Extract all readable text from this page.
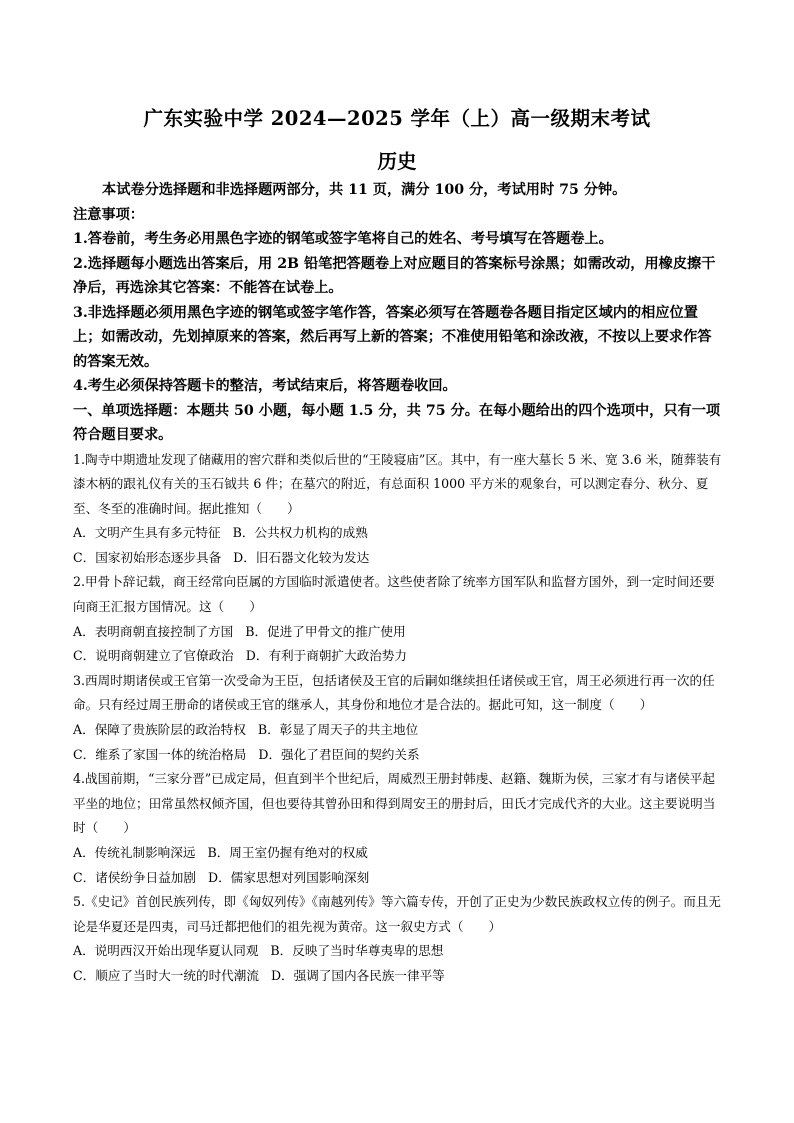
广东实验中学 2024—2025 学年（上）高一级期末考试
历史

本试卷分选择题和非选择题两部分，共 11 页，满分 100 分，考试用时 75 分钟。

注意事项：

1.答卷前，考生务必用黑色字迹的钢笔或签字笔将自己的姓名、考号填写在答题卷上。

2.选择题每小题选出答案后，用 2B 铅笔把答题卷上对应题目的答案标号涂黑；如需改动，用橡皮擦干净后，再选涂其它答案：不能答在试卷上。

3.非选择题必须用黑色字迹的钢笔或签字笔作答，答案必须写在答题卷各题目指定区域内的相应位置上；如需改动，先划掉原来的答案，然后再写上新的答案；不准使用铅笔和涂改液，不按以上要求作答的答案无效。

4.考生必须保持答题卡的整洁，考试结束后，将答题卷收回。

一、单项选择题：本题共 50 小题，每小题 1.5 分，共 75 分。在每小题给出的四个选项中，只有一项符合题目要求。

1.陶寺中期遗址发现了储藏用的窖穴群和类似后世的“王陵寝庙”区。其中，有一座大墓长 5 米、宽 3.6 米，随葬装有漆木柄的跟礼仪有关的玉石钺共 6 件；在墓穴的附近，有总面积 1000 平方米的观象台，可以测定春分、秋分、夏至、冬至的准确时间。据此推知（　　）

A．文明产生具有多元特征 B．公共权力机构的成熟
C．国家初始形态逐步具备 D．旧石器文化较为发达

2.甲骨卜辞记载，商王经常向臣属的方国临时派遣使者。这些使者除了统率方国军队和监督方国外，到一定时间还要向商王汇报方国情况。这（　　）

A．表明商朝直接控制了方国 B．促进了甲骨文的推广使用
C．说明商朝建立了官僚政治 D．有利于商朝扩大政治势力

3.西周时期诸侯或王官第一次受命为王臣，包括诸侯及王官的后嗣如继续担任诸侯或王官，周王必须进行再一次的任命。只有经过周王册命的诸侯或王官的继承人，其身份和地位才是合法的。据此可知，这一制度（　　）

A．保障了贵族阶层的政治特权 B．彰显了周天子的共主地位
C．维系了家国一体的统治格局 D．强化了君臣间的契约关系

4.战国前期，“三家分晋”已成定局，但直到半个世纪后，周威烈王册封韩虔、赵籍、魏斯为侯，三家才有与诸侯平起平坐的地位；田常虽然权倾齐国，但也要待其曾孙田和得到周安王的册封后，田氏才完成代齐的大业。这主要说明当时（　　）

A．传统礼制影响深远 B．周王室仍握有绝对的权威
C．诸侯纷争日益加剧 D．儒家思想对列国影响深刻

5.《史记》首创民族列传，即《匈奴列传》《南越列传》等六篇专传，开创了正史为少数民族政权立传的例子。而且无论是华夏还是四夷，司马迁都把他们的祖先视为黄帝。这一叙史方式（　　）

A．说明西汉开始出现华夏认同观 B．反映了当时华尊夷卑的思想
C．顺应了当时大一统的时代潮流 D．强调了国内各民族一律平等
